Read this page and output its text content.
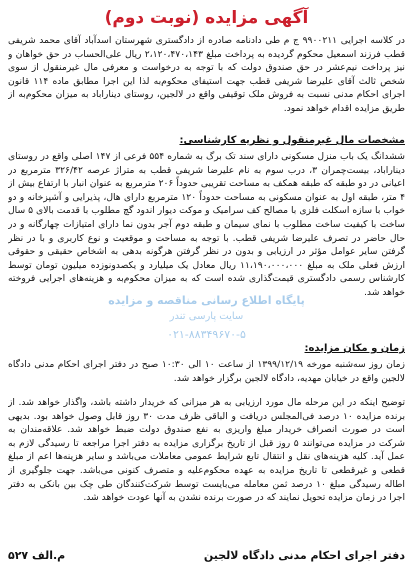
آگهی مزایده (نوبت دوم)
در کلاسه اجرایی ۹۹۰۰۲۱۱ ج م طی دادنامه صادره از دادگستری شهرستان اسدآباد آقای محمد شریفی قطب فرزند اسمعیل محکوم گردیده به پرداخت مبلغ ۲،۱۲۰،۴۷۰،۱۴۳ ریال علی‌الحساب در حق خواهان و نیز پرداخت نیم‌عشر در حق صندوق دولت که با توجه به درخواست و معرفی مال غیرمنقول از سوی شخص ثالث آقای علیرضا شریفی قطب جهت استیفای محکوم‌به لذا این اجرا مطابق ماده ۱۱۴ قانون اجرای احکام مدنی نسبت به فروش ملک توقیفی واقع در لالجین، روستای دیناراباد به میزان محکوم‌به از طریق مزایده اقدام خواهد نمود.
مشخصات مال غیرمنقول و نظریه کارشناسی:
ششدانگ یک باب منزل مسکونی دارای سند تک برگ به شماره ۵۵۴ فرعی از ۱۴۷ اصلی واقع در روستای دیناراباد، بیست‌چمران ۳، درب سوم به نام علیرضا شریفی قطب به متراژ عرصه ۳۲۶/۴۲ مترمربع در اعیانی در دو طبقه که طبقه همکف به مساحت تقریبی حدوداً ۲۰۶ مترمربع به عنوان انبار با ارتفاع بیش از ۴ متر، طبقه اول به عنوان مسکونی به مساحت حدوداً ۱۲۰ مترمربع دارای هال، پذیرایی و آشپزخانه و دو خواب با سازه اسکلت فلزی با مصالح کف سرامیک و موکت دیوار اندود گچ مطلوب با قدمت بالای ۵ سال ساخت با کیفیت ساخت مطلوب با نمای سیمان و طبقه دوم آجر بدون نما دارای امتیازات چهارگانه و در حال حاضر در تصرف علیرضا شریفی قطب. با توجه به مساحت و موقعیت و نوع کاربری و با در نظر گرفتن سایر عوامل مؤثر در ارزیابی و بدون در نظر گرفتن هرگونه بدهی به اشخاص حقیقی و حقوقی ارزش فعلی ملک به مبلغ ۱۱،۱۹۰،۰۰۰،۰۰۰ ریال معادل یک میلیارد و یکصدونوزده میلیون تومان توسط کارشناس رسمی دادگستری قیمت‌گذاری شده است که به میزان محکوم‌به و هزینه‌های اجرایی فروخته خواهد شد.
پایگاه اطلاع رسانی مناقصه و مزایده
سایت پارسی تندر
۰۲۱-۸۸۳۴۹۶۷۰-۵
زمان و مکان مزایده:
زمان روز سه‌شنبه مورخه ۱۳۹۹/۱۲/۱۹ از ساعت ۱۰ الی ۱۰:۳۰ صبح در دفتر اجرای احکام مدنی دادگاه لالجین واقع در خیابان مهدیه، دادگاه لالجین برگزار خواهد شد.
توضیح اینکه در این مرحله مال مورد ارزیابی به هر میزانی که خریدار داشته باشد، واگذار خواهد شد. از برنده مزایده ۱۰ درصد فی‌المجلس دریافت و الباقی ظرف مدت ۳۰ روز قابل وصول خواهد بود. بدیهی است در صورت انصراف خریدار مبلغ واریزی به نفع صندوق دولت ضبط خواهد شد. علاقه‌مندان به شرکت در مزایده می‌توانند ۵ روز قبل از تاریخ برگزاری مزایده به دفتر اجرا مراجعه تا رسیدگی لازم به عمل آید. کلیه هزینه‌های نقل و انتقال تابع شرایط عمومی معاملات می‌باشد و سایر هزینه‌ها اعم از مبلغ قطعی و غیرقطعی تا تاریخ مزایده به عهده محکوم‌علیه و متصرف کنونی می‌باشد. جهت جلوگیری از اطاله رسیدگی مبلغ ۱۰ درصد ثمن معامله می‌بایست توسط شرکت‌کنندگان طی چک بین بانکی به دفتر اجرا در زمان مزایده تحویل نمایند که در صورت برنده نشدن به آنها عودت خواهد شد.
دفتر اجرای احکام مدنی دادگاه لالجین
م.الف ۵۲۷
